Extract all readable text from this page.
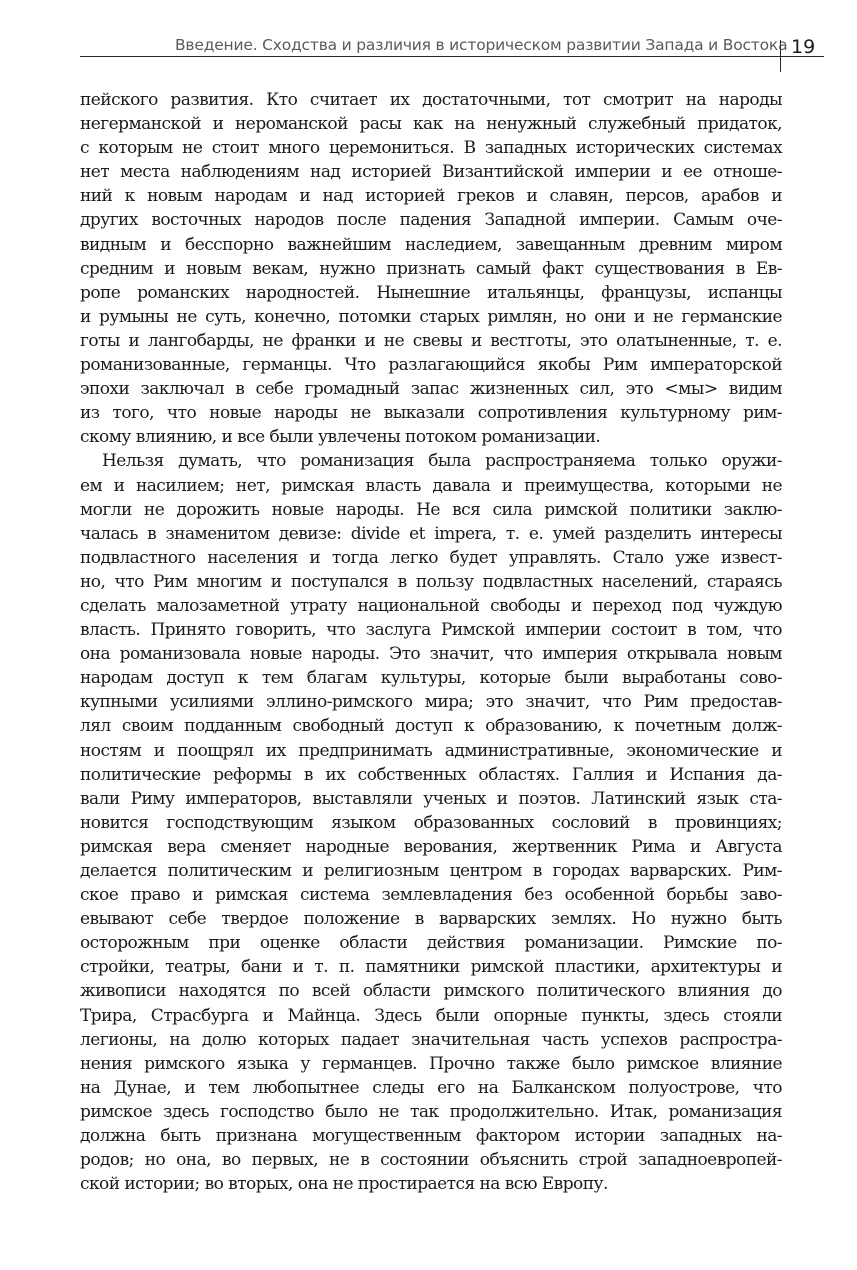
Введение. Сходства и различия в историческом развитии Запада и Востока 19
пейского развития. Кто считает их достаточными, тот смотрит на народы
негерманской и нероманской расы как на ненужный служебный придаток,
с которым не стоит много церемониться. В западных исторических системах
нет места наблюдениям над историей Византийской империи и ее отноше-
ний к новым народам и над историей греков и славян, персов, арабов и
других восточных народов после падения Западной империи. Самым оче-
видным и бесспорно важнейшим наследием, завещанным древним миром
средним и новым векам, нужно признать самый факт существования в Ев-
ропе романских народностей. Нынешние итальянцы, французы, испанцы
и румыны не суть, конечно, потомки старых римлян, но они и не германские
готы и лангобарды, не франки и не свевы и вестготы, это олатыненные, т. е.
романизованные, германцы. Что разлагающийся якобы Рим императорской
эпохи заключал в себе громадный запас жизненных сил, это <мы> видим
из того, что новые народы не выказали сопротивления культурному рим-
скому влиянию, и все были увлечены потоком романизации.
Нельзя думать, что романизация была распространяема только оружи-
ем и насилием; нет, римская власть давала и преимущества, которыми не
могли не дорожить новые народы. Не вся сила римской политики заклю-
чалась в знаменитом девизе: divide et impera, т. е. умей разделить интересы
подвластного населения и тогда легко будет управлять. Стало уже извест-
но, что Рим многим и поступался в пользу подвластных населений, стараясь
сделать малозаметной утрату национальной свободы и переход под чуждую
власть. Принято говорить, что заслуга Римской империи состоит в том, что
она романизовала новые народы. Это значит, что империя открывала новым
народам доступ к тем благам культуры, которые были выработаны сово-
купными усилиями эллино-римского мира; это значит, что Рим предостав-
лял своим подданным свободный доступ к образованию, к почетным долж-
ностям и поощрял их предпринимать административные, экономические и
политические реформы в их собственных областях. Галлия и Испания да-
вали Риму императоров, выставляли ученых и поэтов. Латинский язык ста-
новится господствующим языком образованных сословий в провинциях;
римская вера сменяет народные верования, жертвенник Рима и Августа
делается политическим и религиозным центром в городах варварских. Рим-
ское право и римская система землевладения без особенной борьбы заво-
евывают себе твердое положение в варварских землях. Но нужно быть
осторожным при оценке области действия романизации. Римские по-
стройки, театры, бани и т. п. памятники римской пластики, архитектуры и
живописи находятся по всей области римского политического влияния до
Трира, Страсбурга и Майнца. Здесь были опорные пункты, здесь стояли
легионы, на долю которых падает значительная часть успехов распростра-
нения римского языка у германцев. Прочно также было римское влияние
на Дунае, и тем любопытнее следы его на Балканском полуострове, что
римское здесь господство было не так продолжительно. Итак, романизация
должна быть признана могущественным фактором истории западных на-
родов; но она, во первых, не в состоянии объяснить строй западноевропей-
ской истории; во вторых, она не простирается на всю Европу.
